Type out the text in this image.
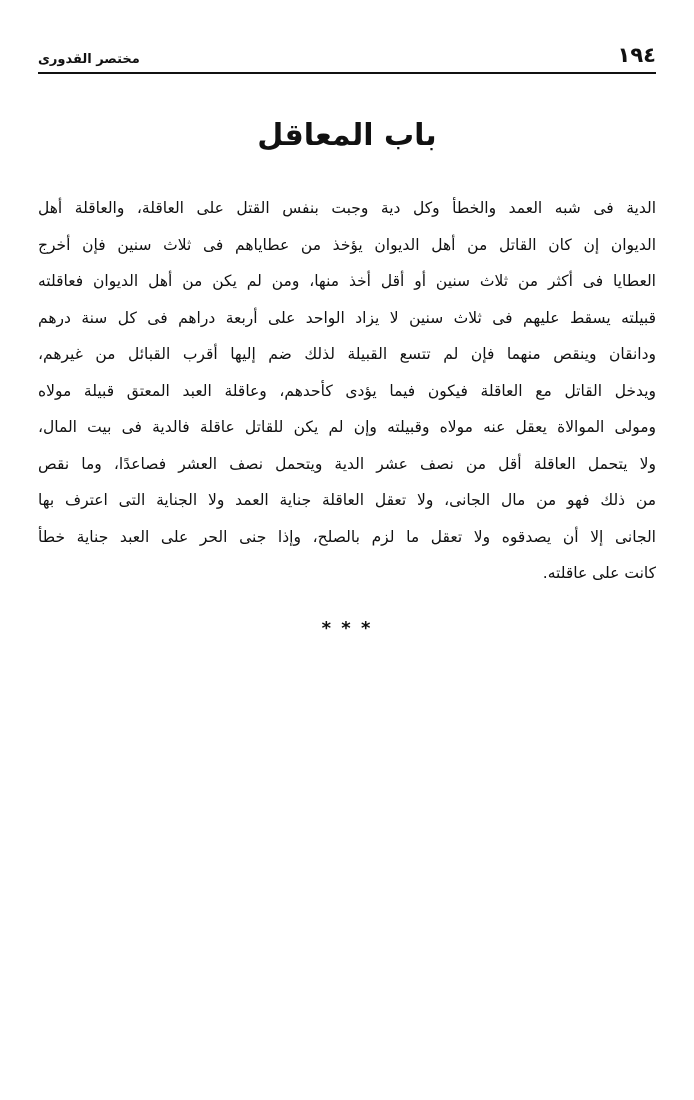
١٩٤
مختصر القدورى
باب المعاقل
الدية فى شبه العمد والخطأ وكل دية وجبت بنفس القتل على العاقلة، والعاقلة أهل
الديوان إن كان القاتل من أهل الديوان يؤخذ من عطاياهم فى ثلاث سنين فإن أخرج
العطايا فى أكثر من ثلاث سنين أو أقل أخذ منها، ومن لم يكن من أهل الديوان فعاقلته
قبيلته يسقط عليهم فى ثلاث سنين لا يزاد الواحد على أربعة دراهم فى كل سنة درهم
ودانقان وينقص منهما فإن لم تتسع القبيلة لذلك ضم إليها أقرب القبائل من غيرهم،
ويدخل القاتل مع العاقلة فيكون فيما يؤدى كأحدهم، وعاقلة العبد المعتق قبيلة مولاه
ومولى الموالاة يعقل عنه مولاه وقبيلته وإن لم يكن للقاتل عاقلة فالدية فى بيت المال،
ولا يتحمل العاقلة أقل من نصف عشر الدية ويتحمل نصف العشر فصاعدًا، وما نقص
من ذلك فهو من مال الجانى، ولا تعقل العاقلة جناية العمد ولا الجناية التى اعترف بها
الجانى إلا أن يصدقوه ولا تعقل ما لزم بالصلح، وإذا جنى الحر على العبد جناية خطأ
كانت على عاقلته.
* * *
